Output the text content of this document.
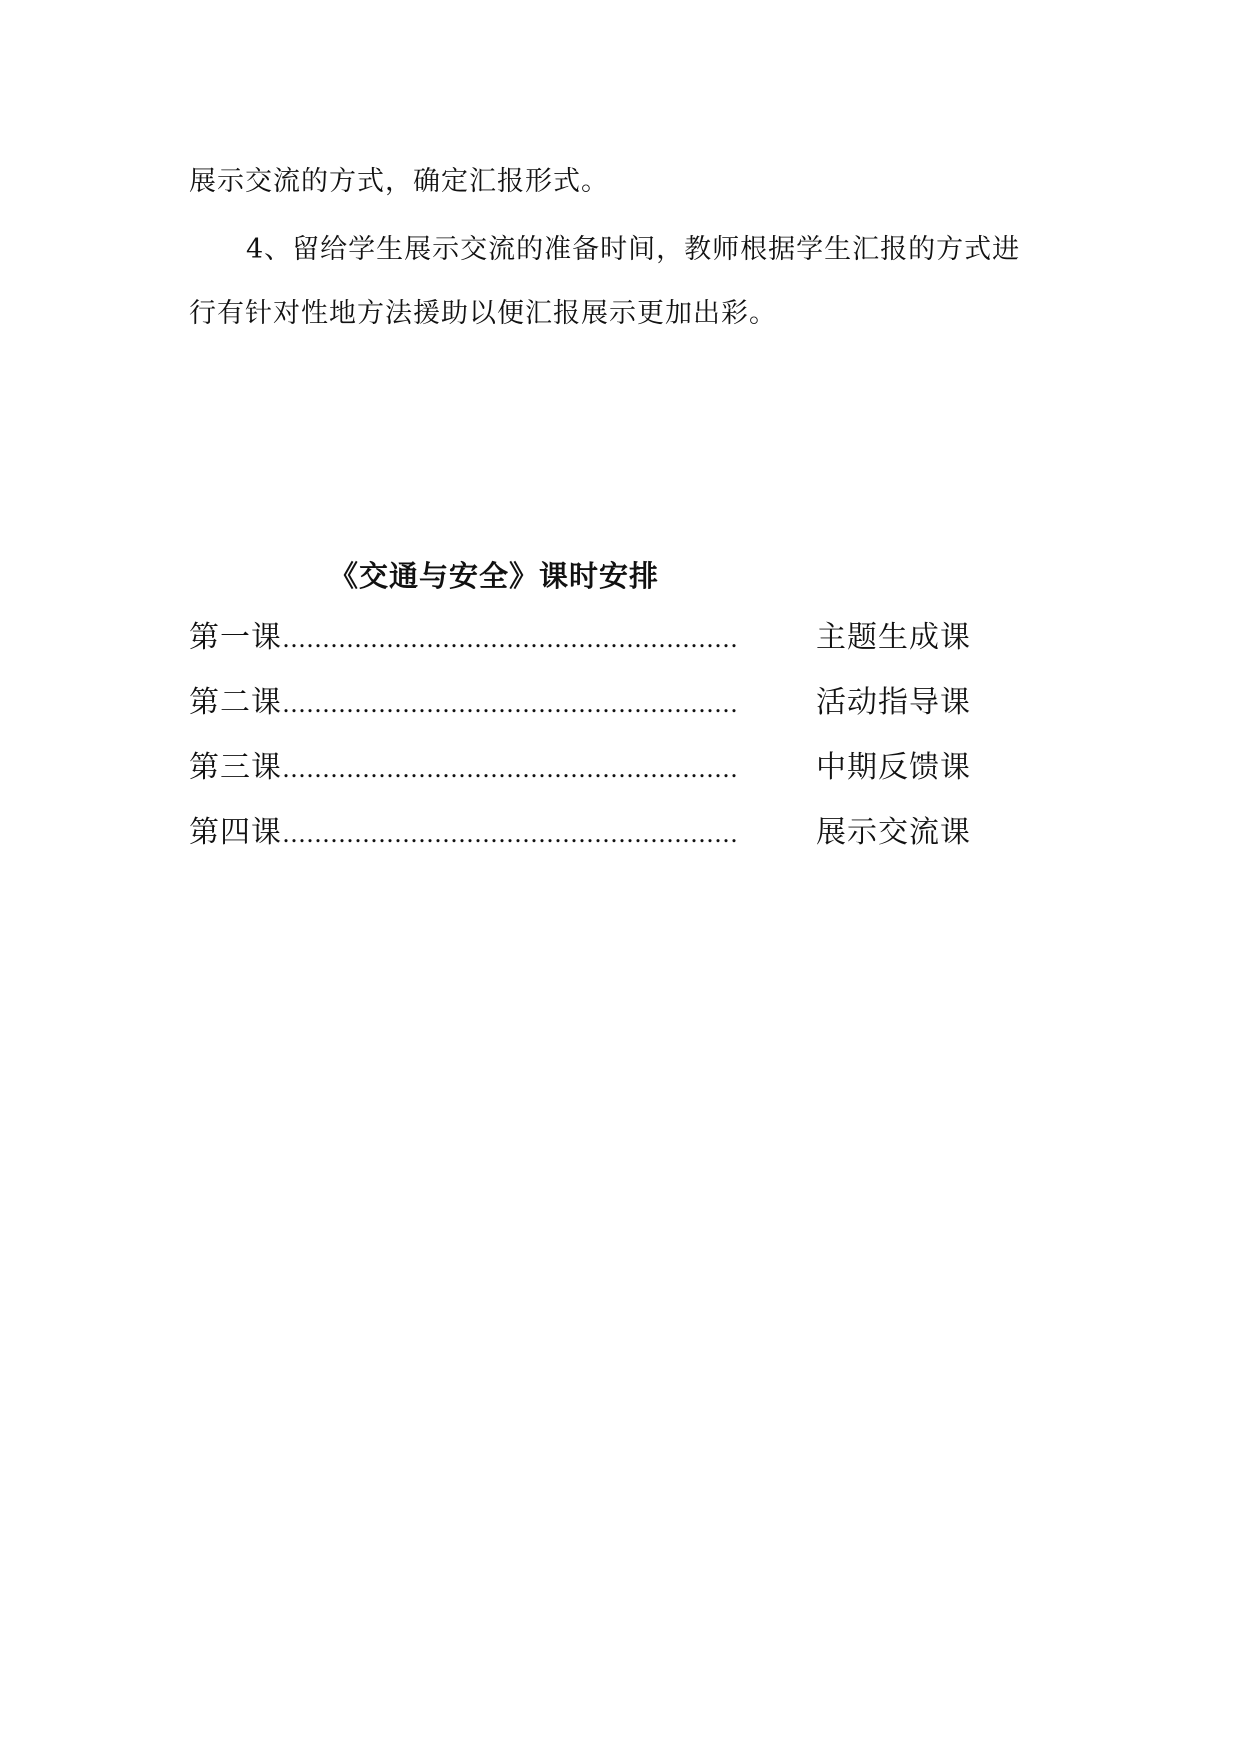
展示交流的方式，确定汇报形式。
4、留给学生展示交流的准备时间，教师根据学生汇报的方式进
行有针对性地方法援助以便汇报展示更加出彩。
《交通与安全》课时安排
第一课 …………………………………………………	主题生成课
第二课 …………………………………………………	活动指导课
第三课 …………………………………………………	中期反馈课
第四课 …………………………………………………	展示交流课
